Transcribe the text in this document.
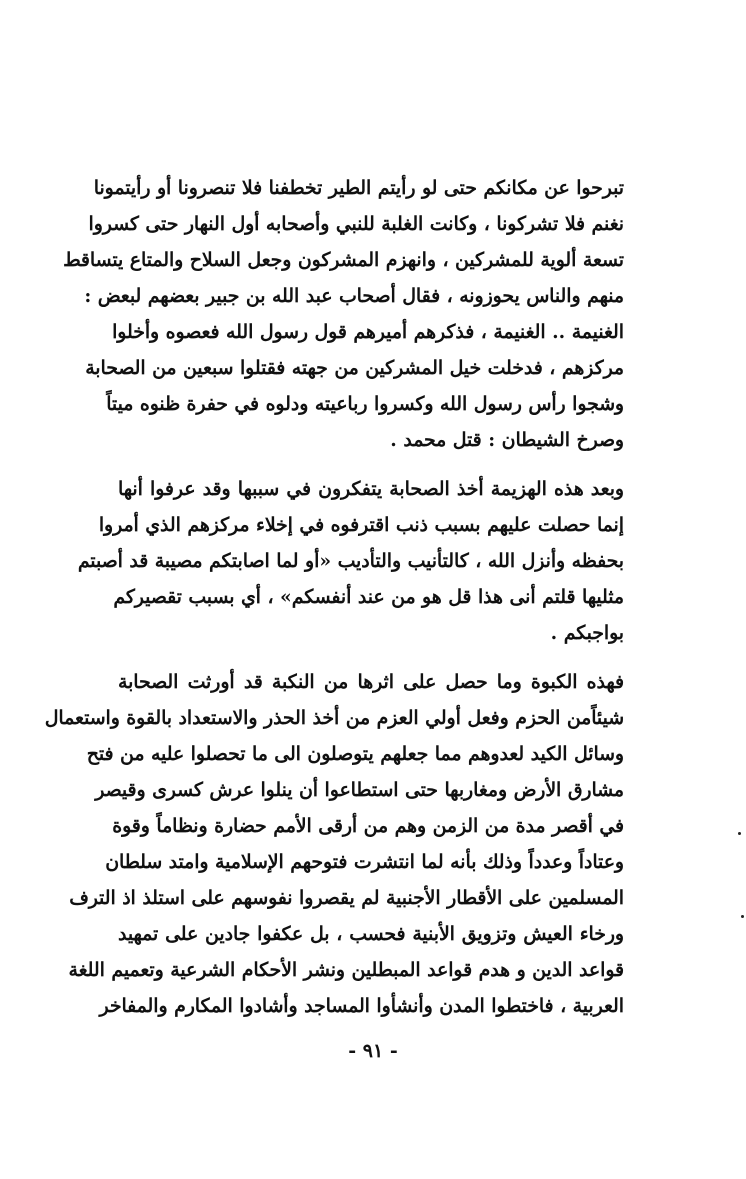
تبرحوا عن مكانكم حتى لو رأيتم الطير تخطفنا فلا تنصرونا أو رأيتمونا
نغنم فلا تشركونا ، وكانت الغلبة للنبي وأصحابه أول النهار حتى كسروا
تسعة ألوية للمشركين ، وانهزم المشركون وجعل السلاح والمتاع يتساقط
منهم والناس يحوزونه ، فقال أصحاب عبد الله بن جبير بعضهم لبعض :
الغنيمة .. الغنيمة ، فذكرهم أميرهم قول رسول الله فعصوه وأخلوا
مركزهم ، فدخلت خيل المشركين من جهته فقتلوا سبعين من الصحابة
وشجوا رأس رسول الله وكسروا رباعيته ودلوه في حفرة ظنوه ميتاً
وصرخ الشيطان : قتل محمد .
وبعد هذه الهزيمة أخذ الصحابة يتفكرون في سببها وقد عرفوا أنها
إنما حصلت عليهم بسبب ذنب اقترفوه في إخلاء مركزهم الذي أمروا
بحفظه وأنزل الله ، كالتأنيب والتأديب «أو لما اصابتكم مصيبة قد أصبتم
مثليها قلتم أنى هذا قل هو من عند أنفسكم» ، أي بسبب تقصيركم
بواجبكم .
فهذه الكبوة وما حصل على اثرها من النكبة قد أورثت الصحابة
شيئاًمن الحزم وفعل أولي العزم من أخذ الحذر والاستعداد بالقوة واستعمال
وسائل الكيد لعدوهم مما جعلهم يتوصلون الى ما تحصلوا عليه من فتح
مشارق الأرض ومغاربها حتى استطاعوا أن ينلوا عرش كسرى وقيصر
في أقصر مدة من الزمن وهم من أرقى الأمم حضارة ونظاماً وقوة
وعتاداً وعدداً وذلك بأنه لما انتشرت فتوحهم الإسلامية وامتد سلطان
المسلمين على الأقطار الأجنبية لم يقصروا نفوسهم على استلذ اذ الترف
ورخاء العيش وتزويق الأبنية فحسب ، بل عكفوا جادين على تمهيد
قواعد الدين و هدم قواعد المبطلين ونشر الأحكام الشرعية وتعميم اللغة
العربية ، فاختطوا المدن وأنشأوا المساجد وأشادوا المكارم والمفاخر
- ٩١ -
